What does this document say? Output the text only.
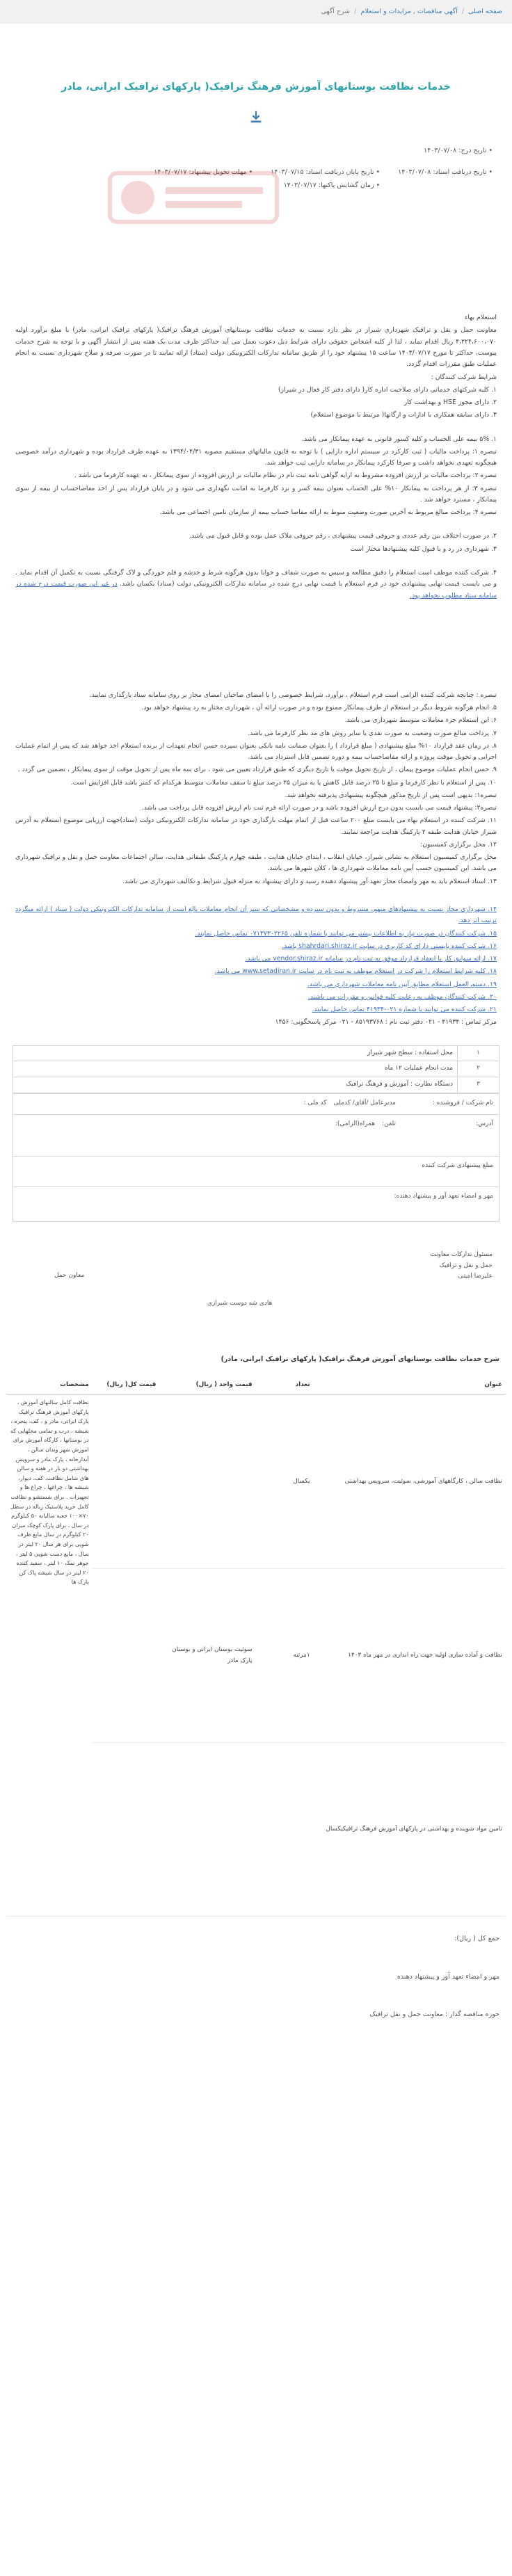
صفحه اصلی
/
آگهی مناقصات , مزایدات و استعلام
/
شرح آگهی
خدمات نظافت بوستانهای آموزش فرهنگ ترافیک( پارکهای ترافیک ایرانی، مادر
• تاریخ درج: ۱۴۰۳/۰۷/۰۸
• تاریخ دریافت اسناد: ۱۴۰۳/۰۷/۰۸
• تاریخ پایان دریافت اسناد: ۱۴۰۳/۰۷/۱۵
• زمان گشایش پاکتها: ۱۴۰۳/۰۷/۱۷
• مهلت تحویل پیشنهاد: ۱۴۰۳/۰۷/۱۷

استعلام بهاء

معاونت حمل و نقل و ترافیک شهرداری شیراز در نظر دارد نسبت به خدمات نظافت بوستانهای آموزش فرهنگ ترافیک( پارکهای ترافیک ایرانی، مادر) با مبلغ برآورد اولیه ۴،۲۲۴،۶۰۰،۰۷۰ ریال اقدام نماید ، لذا از کلیه اشخاص حقوقی دارای شرایط ذیل دعوت بعمل می آید حداکثر ظرف مدت یک هفته پس از انتشار آگهی و با توجه به شرح خدمات پیوست، حداکثر تا مورخ ۱۴۰۳/۰۷/۱۷ ساعت ۱۵ پیشنهاد خود را از طریق سامانه تدارکات الکترونیکی دولت (ستاد) ارائه نمایند تا در صورت صرفه و صلاح شهرداری نسبت به انجام عملیات طبق مقررات اقدام گردد.

شرایط شرکت کنندگان :

۱. کلیه شرکتهای خدماتی دارای صلاحیت اداره کار( دارای دفتر کار فعال در شیراز)

۲. دارای مجوز HSE و بهداشت کار

۳. دارای سابقه همکاری با ادارات و ارگانها( مرتبط با موضوع استعلام)

۱. ۵% بیمه علی الحساب و کلیه کسور قانونی به عهده پیمانکار می باشد.

تبصره ۱: پرداخت مالیات ( ثبت کارکرد در سیستم اداره دارایی ) با توجه به قانون مالیاتهای مستقیم مصوبه ۱۳۹۴/۰۴/۳۱ به عهده طرف قرارداد بوده و شهرداری درآمد خصوصی هیچگونه تعهدی نخواهد داشت و صرفا کارکرد پیمانکار در سامانه دارایی ثبت خواهد شد.

تبصره ۲: پرداخت مالیات بر ارزش افزوده مشروط به ارایه گواهی نامه ثبت نام در نظام مالیات بر ارزش افزوده از سوی پیمانکار ، به عهده کارفرما می باشد .

تبصره ۳: از هر پرداخت به پیمانکار ۱۰% علی الحساب بعنوان بیمه کسر و نزد کارفرما به امانت نگهداری می شود و در پایان قرارداد پس از اخذ مفاصاحساب از بیمه از سوی پیمانکار ، مسترد خواهد شد .

تبصره ۴: پرداخت مبالغ مربوط به آخرین صورت وضعیت منوط به ارائه مفاصا حساب بیمه از سازمان تامین اجتماعی می باشد.

۲. در صورت اختلاف بین رقم عددی و حروفی قیمت پیشنهادی ، رقم حروفی ملاک عمل بوده و قابل قبول می باشد.

۳. شهرداری در رد و یا قبول کلیه پیشنهادها مختار است

۴. شرکت کننده موظف است استعلام را دقیق مطالعه و سپس به صورت شفاف و خوانا بدون هرگونه شرط و خدشه و قلم خوردگی و لاک گرفتگی نسبت به تکمیل آن اقدام نماید . و می بایست قیمت نهایی پیشنهادی خود در فرم استعلام با قیمت نهایی درج شده در سامانه تدارکات الکترونیکی دولت (ستاد) یکسان باشد. در غیر این صورت قیمت درج شده در سامانه ستاد مطلوب نخواهد بود.

تبصره : چنانچه شرکت کننده الزامی است فرم استعلام ، برآورد، شرایط خصوصی را با امضای صاحبان امضای مجاز بر روی سامانه ستاد بارگذاری نمایند.

۵. انجام هرگونه شروط دیگر در استعلام از طرف پیمانکار ممنوع بوده و در صورت ارائه آن ، شهرداری مختار به رد پیشنهاد خواهد بود.

۶. این استعلام جزء معاملات متوسط شهرداری می باشد.

۷. پرداخت مبالغ صورت وضعیت به صورت نقدی یا سایر روش های مد نظر کارفرما می باشد.

۸. در زمان عقد قرارداد ۱۰% مبلغ پیشنهادی ( مبلغ قرارداد ) را بعنوان ضمانت نامه بانکی بعنوان سپرده حسن انجام تعهدات از برنده استعلام اخذ خواهد شد که پس از اتمام عملیات اجرایی و تحویل موقت پروژه و ارائه مفاصاحساب بیمه و دوره تضمین قابل استرداد می باشد.

۹. حسن انجام عملیات موضوع پیمان ، از تاریخ تحویل موقت یا تاریخ دیگری که طبق قرارداد تعیین می شود ، برای سه ماه پس از تحویل موقت از سوی پیمانکار ، تضمین می گردد .

۱۰. پس از استعلام با نظر کارفرما و مبلغ تا ۲۵ درصد قابل کاهش یا به میزان ۲۵ درصد مبلغ تا سقف معاملات متوسط هرکدام که کمتر باشد قابل افزایش است.

تبصره۱: بدیهی است پس از تاریخ مذکور هیچگونه پیشنهادی پذیرفته نخواهد شد.

تبصره۲: پیشنهاد قیمت می بایست بدون درج ارزش افزوده باشد و در صورت ارائه فرم ثبت نام ارزش افزوده قابل پرداخت می باشد.

۱۱. شرکت کننده در استعلام بهاء می بایست مبلغ ۲۰۰ ساعت قبل از اتمام مهلت بارگذاری خود در سامانه تدارکات الکترونیکی دولت (ستاد)جهت ارزیابی موضوع استعلام به آدرس شیراز خیابان هدایت طبقه ۲ پارکینگ هدایت مراجعه نمایند.

۱۲. محل برگزاری کمیسیون:

محل برگزاری کمیسیون استعلام به نشانی شیراز، خیابان انقلاب ، ابتدای خیابان هدایت ، طبقه چهارم پارکینگ طبقاتی هدایت، سالن اجتماعات معاونت حمل و نقل و ترافیک شهرداری می باشد. این کمیسیون حسب آیین نامه معاملات شهرداری ها ، کلان شهرها می باشد.

۱۳. اسناد استعلام باید به مهر وامضاء مجاز تعهد آور پیشنهاد دهنده رسید و دارای پیشنهاد به منزله قبول شرایط و تکالیف شهرداری می باشد.

۱۴. شهرداری مجاز نسبت به پیشنهادهای مبهم، مشروط و بدون سپرده و مشخصاتی که سیر آن انجام معاملات بالغ است از سامانه تدارکات الکترونیکی دولت ( ستاد ) ارائه میگردد ترتیب اثر دهد.

۱۵. شرکت کنندگان در صورت نیاز به اطلاعات بیشتر می توانند با شماره تلفن ۰۷۱۳۷۳۰۲۲۶۵ تماس حاصل نمایند.

۱۶. شرکت کننده بایستی دارای کد کاربری در سایت shahrdari.shiraz.ir باشد.

۱۷. ارائه سوابق کار با انعقاد قرارداد موفق به ثبت نام در سامانه vendor.shiraz.ir می باشد.

۱۸. کلیه شرایط استعلام را شرکت در استعلام موظف به ثبت نام در سایت www.setadiran.ir می باشد.

۱۹. دستورالعمل استعلام مطابق آیین نامه معاملات شهرداری می باشد.

۲۰. شرکت کنندگان موظف به رعایت کلیه قوانین و مقررات می باشند.

۲۱. شرکت کننده می توانند با شماره ۰۲۱-۴۱۹۳۴ تماس حاصل نمایند.

مرکز تماس : ۴۱۹۳۴ - ۰۲۱ دفتر ثبت نام : ۸۵۱۹۳۷۶۸ - ۰۲۱ مرکز پاسخگویی: ۱۴۵۶

۱	محل استفاده : سطح شهر شیراز
۲	مدت انجام عملیات ۱۲ ماه
۳	دستگاه نظارت : آموزش و فرهنگ ترافیک
نام شرکت / فروشنده :
مدیرعامل /آقای/ کدملی
کد ملی :
آدرس:
تلفن:
همراه(الزامی):
مبلغ پیشنهادی شرکت کننده
مهر و امضاء تعهد آور و پیشنهاد دهنده:
مسئول تدارکات معاونت حمل و نقل و ترافیک
علیرضا امینی
معاون حمل
هادی شه دوست شیرازی
شرح خدمات نظافت بوستانهای آموزش فرهنگ ترافیک( پارکهای ترافیک ایرانی، مادر)
عنوان	تعداد	قیمت واحد ( ریال)	قیمت کل( ریال)	مشخصات
نظافت سالن ، کارگاههای آموزشی، سوئیت، سرویس بهداشتی	یکسال			نظافت کامل سالنهای آموزش ، پارکهای آموزش فرهنگ ترافیک پارک ایرانی، مادر و ، کف، پنجره ، شیشه ، درب و تمامی محلهایی که در بوستانها ، کارگاه آموزش برای اموزش شهر وندان سالن ، آبدارخانه ، پارک مادر و سرویس بهداشتی دو بار در هفته و سالن های شامل نظافت، کف، دیوار، شیشه ها ، چراغها ، چراغ ها و تجهیزات . برای شستشو و نظافت کامل خرید پلاستیک زباله در سطل ۷۰×۱۰۰ جعبه سالیانه ۵۰ کیلوگرم در سال ، برای پارک کوچک میزان ۲۰ کیلوگرم در سال مایع ظرف شویی برای هر سال ۲۰ لیتر در سال ، مایع دست شویی ۵ لیتر ، جوهر نمک ۱۰ لیتر ، سفید کننده ۲۰ لیتر در سال شیشه پاک کن پارک ها
نظافت و آماده سازی اولیه جهت راه اندازی در مهر ماه ۱۴۰۳	۱مرتبه	سوئیت بوستان ایرانی و بوستان پارک مادر		
تامین مواد شوینده و بهداشتی در پارکهای آموزش فرهنگ ترافیکیکسال				
جمع کل ( ریال):
مهر و امضاء تعهد آور و پیشنهاد دهنده
حوزه مناقصه گذار : معاونت حمل و نقل ترافیک
